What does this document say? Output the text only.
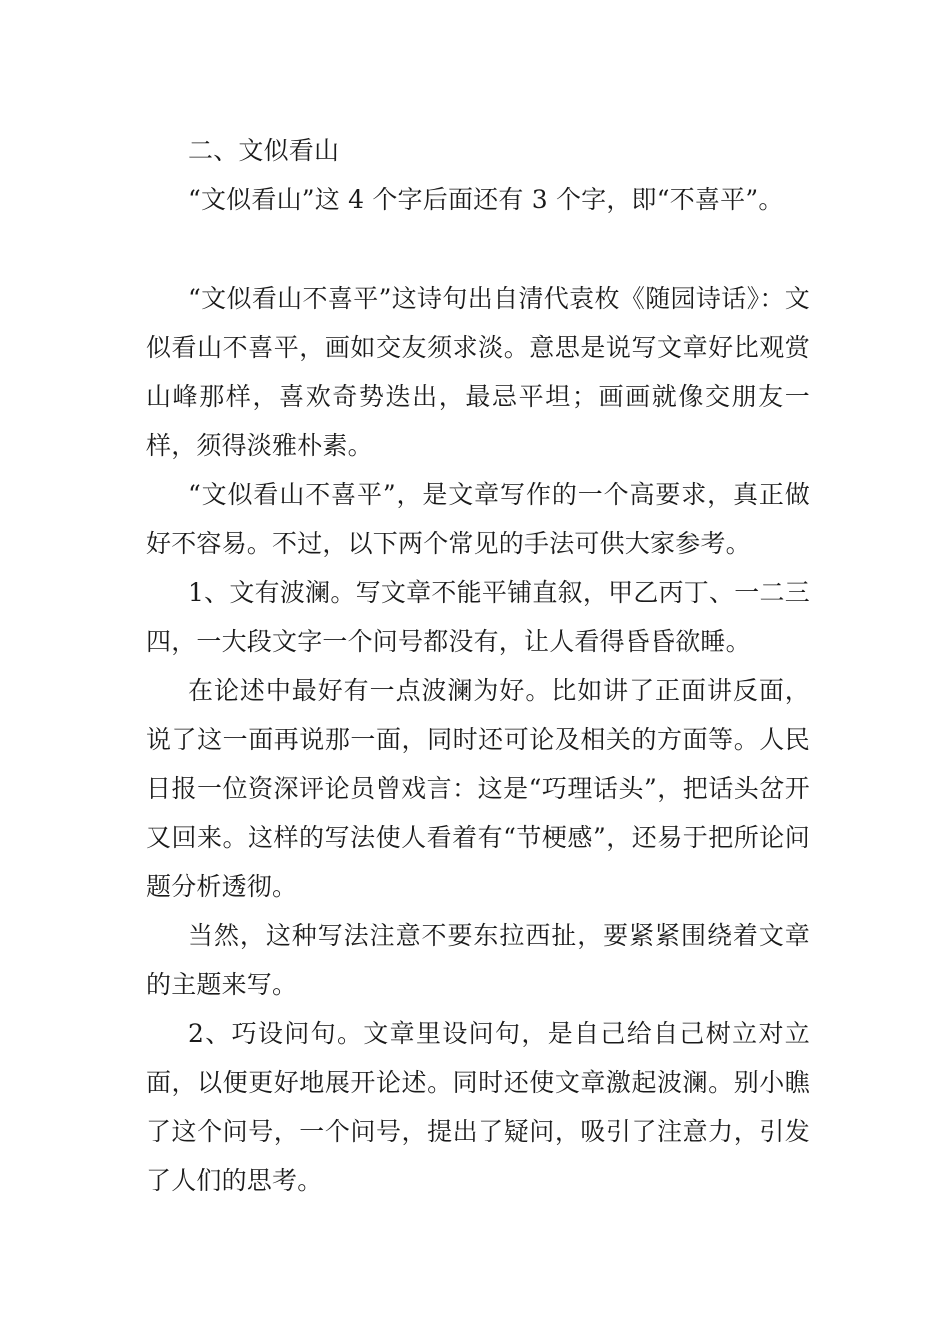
二、文似看山

“文似看山”这 4 个字后面还有 3 个字，即“不喜平”。

“文似看山不喜平”这诗句出自清代袁枚《随园诗话》：文似看山不喜平，画如交友须求淡。意思是说写文章好比观赏山峰那样，喜欢奇势迭出，最忌平坦；画画就像交朋友一样，须得淡雅朴素。

“文似看山不喜平”，是文章写作的一个高要求，真正做好不容易。不过，以下两个常见的手法可供大家参考。

1、文有波澜。写文章不能平铺直叙，甲乙丙丁、一二三四，一大段文字一个问号都没有，让人看得昏昏欲睡。

在论述中最好有一点波澜为好。比如讲了正面讲反面，说了这一面再说那一面，同时还可论及相关的方面等。人民日报一位资深评论员曾戏言：这是“巧理话头”，把话头岔开又回来。这样的写法使人看着有“节梗感”，还易于把所论问题分析透彻。

当然，这种写法注意不要东拉西扯，要紧紧围绕着文章的主题来写。

2、巧设问句。文章里设问句，是自己给自己树立对立面，以便更好地展开论述。同时还使文章激起波澜。别小瞧了这个问号，一个问号，提出了疑问，吸引了注意力，引发了人们的思考。
